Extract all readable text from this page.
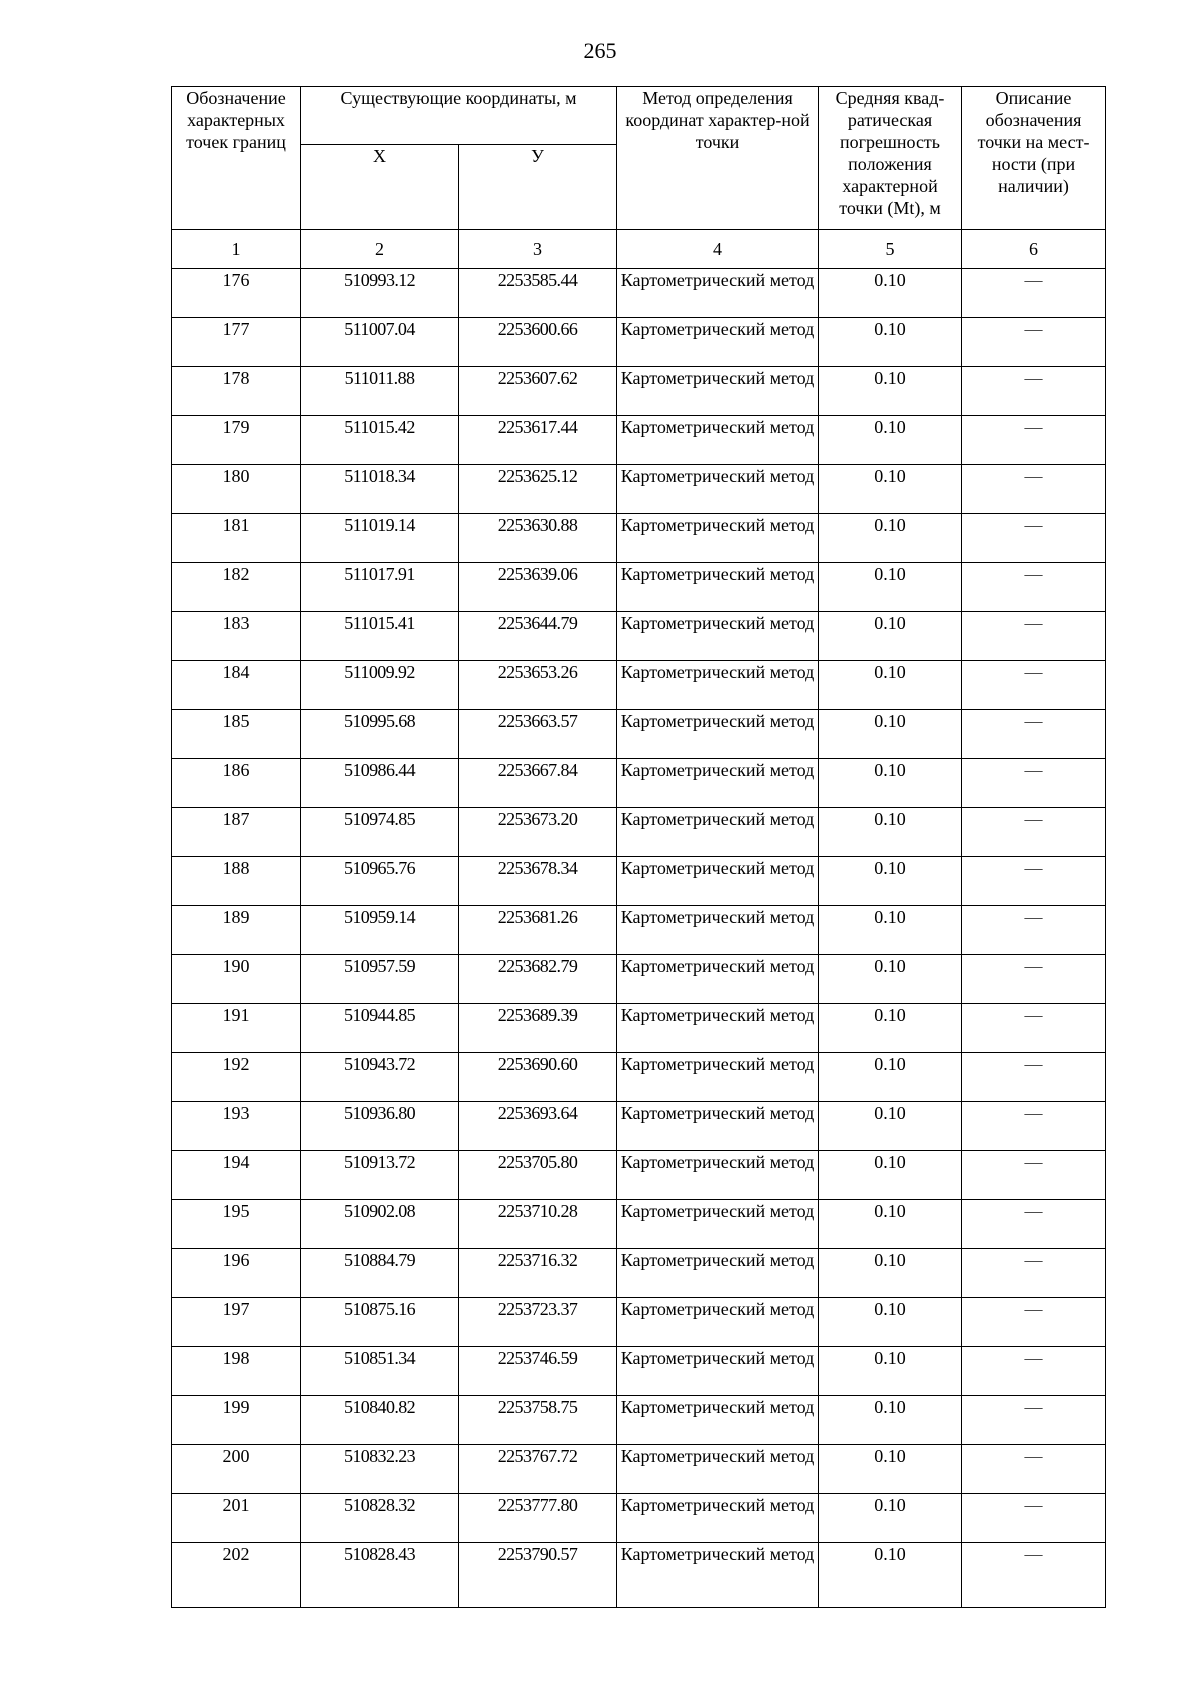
265
Обозначение характерных точек границ	Существующие координаты, м		Метод определения координат характер-ной точки	Средняя квад-ратическая погрешность положения характерной точки (Mt), м	Описание обозначения точки на мест-ности (при наличии)
	X	У			
1	2	3	4	5	6
176	510993.12	2253585.44	Картометрический метод	0.10	—
177	511007.04	2253600.66	Картометрический метод	0.10	—
178	511011.88	2253607.62	Картометрический метод	0.10	—
179	511015.42	2253617.44	Картометрический метод	0.10	—
180	511018.34	2253625.12	Картометрический метод	0.10	—
181	511019.14	2253630.88	Картометрический метод	0.10	—
182	511017.91	2253639.06	Картометрический метод	0.10	—
183	511015.41	2253644.79	Картометрический метод	0.10	—
184	511009.92	2253653.26	Картометрический метод	0.10	—
185	510995.68	2253663.57	Картометрический метод	0.10	—
186	510986.44	2253667.84	Картометрический метод	0.10	—
187	510974.85	2253673.20	Картометрический метод	0.10	—
188	510965.76	2253678.34	Картометрический метод	0.10	—
189	510959.14	2253681.26	Картометрический метод	0.10	—
190	510957.59	2253682.79	Картометрический метод	0.10	—
191	510944.85	2253689.39	Картометрический метод	0.10	—
192	510943.72	2253690.60	Картометрический метод	0.10	—
193	510936.80	2253693.64	Картометрический метод	0.10	—
194	510913.72	2253705.80	Картометрический метод	0.10	—
195	510902.08	2253710.28	Картометрический метод	0.10	—
196	510884.79	2253716.32	Картометрический метод	0.10	—
197	510875.16	2253723.37	Картометрический метод	0.10	—
198	510851.34	2253746.59	Картометрический метод	0.10	—
199	510840.82	2253758.75	Картометрический метод	0.10	—
200	510832.23	2253767.72	Картометрический метод	0.10	—
201	510828.32	2253777.80	Картометрический метод	0.10	—
202	510828.43	2253790.57	Картометрический метод	0.10	—
